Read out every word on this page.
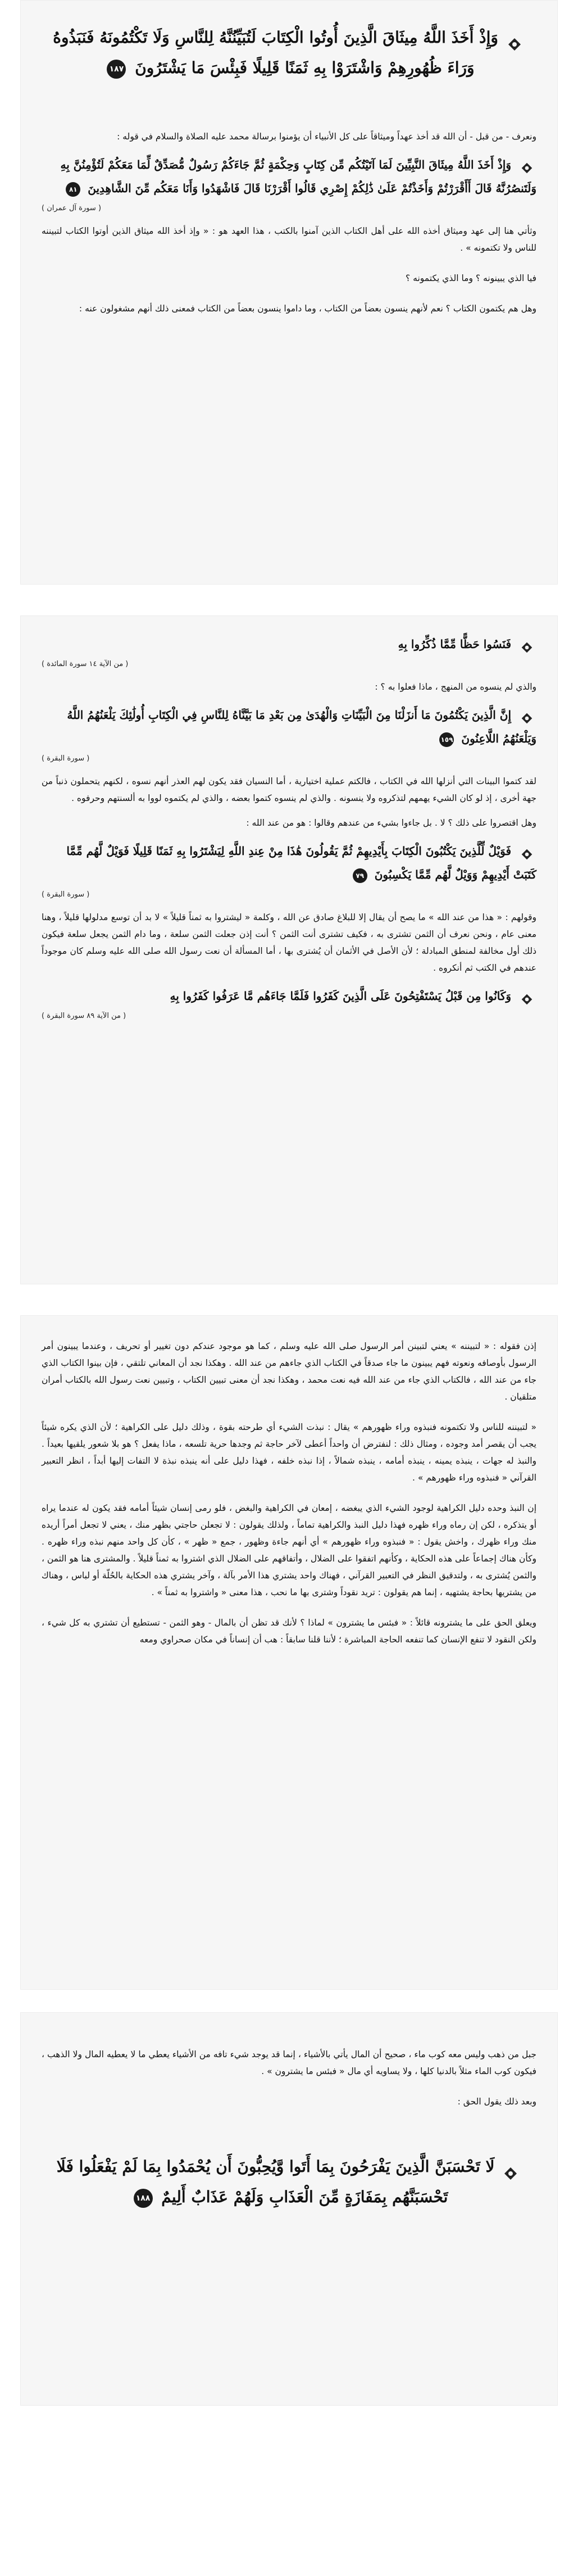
وَإِذْ أَخَذَ اللَّهُ مِيثَاقَ الَّذِينَ أُوتُوا الْكِتَابَ لَتُبَيِّنُنَّهُ لِلنَّاسِ وَلَا تَكْتُمُونَهُ فَنَبَذُوهُ وَرَاءَ ظُهُورِهِمْ وَاشْتَرَوْا بِهِ ثَمَنًا قَلِيلًا فَبِئْسَ مَا يَشْتَرُونَ ١٨٧

ونعرف - من قبل - أن الله قد أخذ عهداً وميثاقاً على كل الأنبياء أن يؤمنوا برسالة محمد عليه الصلاة والسلام في قوله :

وَإِذْ أَخَذَ اللَّهُ مِيثَاقَ النَّبِيِّينَ لَمَا آتَيْتُكُم مِّن كِتَابٍ وَحِكْمَةٍ ثُمَّ جَاءَكُمْ رَسُولٌ مُّصَدِّقٌ لِّمَا مَعَكُمْ لَتُؤْمِنُنَّ بِهِ وَلَتَنصُرُنَّهُ قَالَ أَأَقْرَرْتُمْ وَأَخَذْتُمْ عَلَىٰ ذَٰلِكُمْ إِصْرِي قَالُوا أَقْرَرْنَا قَالَ فَاشْهَدُوا وَأَنَا مَعَكُم مِّنَ الشَّاهِدِينَ ٨١
( سورة آل عمران )

وثأتي هنا إلى عهد وميثاق أخذه الله على أهل الكتاب الذين آمنوا بالكتب ، هذا العهد هو : « وإذ أخذ الله ميثاق الذين أوتوا الكتاب لتبيننه للناس ولا تكتمونه » .

فيا الذي يبينونه ؟ وما الذي يكتمونه ؟

وهل هم يكتمون الكتاب ؟ نعم لأنهم ينسون بعضاً من الكتاب ، وما داموا ينسون بعضاً من الكتاب فمعنى ذلك أنهم مشغولون عنه :

فَنَسُوا حَظًّا مِّمَّا ذُكِّرُوا بِهِ
( من الآية ١٤ سورة المائدة )

والذي لم ينسوه من المنهج ، ماذا فعلوا به ؟ :

إِنَّ الَّذِينَ يَكْتُمُونَ مَا أَنزَلْنَا مِنَ الْبَيِّنَاتِ وَالْهُدَىٰ مِن بَعْدِ مَا بَيَّنَّاهُ لِلنَّاسِ فِي الْكِتَابِ أُولَٰئِكَ يَلْعَنُهُمُ اللَّهُ وَيَلْعَنُهُمُ اللَّاعِنُونَ ١٥٩
( سورة البقرة )

لقد كتموا البينات التي أنزلها الله في الكتاب ، فالكتم عملية اختيارية ، أما النسيان فقد يكون لهم العذر أنهم نسوه ، لكنهم يتحملون ذنباً من جهة أخرى ، إذ لو كان الشيء يهمهم لتذكروه ولا ينسونه . والذي لم ينسوه كتموا بعضه ، والذي لم يكتموه لووا به ألسنتهم وحرفوه .

وهل اقتصروا على ذلك ؟ لا . بل جاءوا بشيء من عندهم وقالوا : هو من عند الله :

فَوَيْلٌ لِّلَّذِينَ يَكْتُبُونَ الْكِتَابَ بِأَيْدِيهِمْ ثُمَّ يَقُولُونَ هَٰذَا مِنْ عِندِ اللَّهِ لِيَشْتَرُوا بِهِ ثَمَنًا قَلِيلًا فَوَيْلٌ لَّهُم مِّمَّا كَتَبَتْ أَيْدِيهِمْ وَوَيْلٌ لَّهُم مِّمَّا يَكْسِبُونَ ٧٩
( سورة البقرة )

وقولهم : « هذا من عند الله » ما يصح أن يقال إلا للبلاغ صادق عن الله ، وكلمة « ليشتروا به ثمناً قليلاً » لا بد أن توسع مدلولها قليلاً ، وهنا معنى عام ، ونحن نعرف أن الثمن تشترى به ، فكيف تشترى أنت الثمن ؟ أنت إذن جعلت الثمن سلعة ، وما دام الثمن يجعل سلعة فيكون ذلك أول مخالفة لمنطق المبادلة ؛ لأن الأصل في الأثمان أن يُشترى بها ، أما المسألة أن نعت رسول الله صلى الله عليه وسلم كان موجوداً عندهم في الكتب ثم أنكروه .

وَكَانُوا مِن قَبْلُ يَسْتَفْتِحُونَ عَلَى الَّذِينَ كَفَرُوا فَلَمَّا جَاءَهُم مَّا عَرَفُوا كَفَرُوا بِهِ
( من الآية ٨٩ سورة البقرة )

إذن فقوله : « لتبيننه » يعني لتبينن أمر الرسول صلى الله عليه وسلم ، كما هو موجود عندكم دون تغيير أو تحريف ، وعندما يبينون أمر الرسول بأوصافه ونعوته فهم يبينون ما جاء صدقاً في الكتاب الذي جاءهم من عند الله . وهكذا نجد أن المعاني تلتقي ، فإن بينوا الكتاب الذي جاء من عند الله ، فالكتاب الذي جاء من عند الله فيه نعت محمد ، وهكذا نجد أن معنى تبيين الكتاب ، وتبيين نعت رسول الله بالكتاب أمران متلقيان .

« لتبيننه للناس ولا تكتمونه فنبذوه وراء ظهورهم » يقال : نبذت الشيء أي طرحته بقوة ، وذلك دليل على الكراهية ؛ لأن الذي يكره شيئاً يجب أن يقصر أمد وجوده ، ومثال ذلك : لنفترض أن واحداً أعطى لآخر حاجة ثم وجدها حرية تلسعه ، ماذا يفعل ؟ هو بلا شعور يلقيها بعيداً . والنبذ له جهات ، ينبذه يمينه ، ينبذه أمامه ، ينبذه شمالاً ، إذا نبذه خلفه ، فهذا دليل على أنه ينبذه نبذة لا التفات إليها أبداً ، انظر التعبير القرآني « فنبذوه وراء ظهورهم » .

إن النبذ وحده دليل الكراهية لوجود الشيء الذي يبغضه ، إمعان في الكراهية والبغض ، فلو رمى إنسان شيئاً أمامه فقد يكون له عندما يراه أو يتذكره ، لكن إن رماه وراء ظهره فهذا دليل النبذ والكراهية تماماً ، ولذلك يقولون : لا تجعلن حاجتي بظهر منك ، يعني لا تجعل أمراً أريده منك وراء ظهرك ، واخش يقول : « فنبذوه وراء ظهورهم » أي أنهم جاءة وظهور ، جمع « ظهر » ، كأن كل واحد منهم نبذه وراء ظهره . وكأن هناك إجماعاً على هذه الحكاية ، وكأنهم اتفقوا على الضلال ، وأتفاقهم على الضلال الذي اشتروا به ثمناً قليلاً . والمشترى هنا هو الثمن ، والثمن يُشترى به ، ولتدقيق النظر في التعبير القرآني ، فهناك واحد يشتري هذا الأمر بآلة ، وآخر يشتري هذه الحكاية بالحُلّة أو لباس ، وهناك من يشتريها بحاجة يشتهيه ، إنما هم يقولون : تريد نقوداً وشترى بها ما نحب ، هذا معنى « واشتروا به ثمناً » .

ويعلق الحق على ما يشترونه قائلاً : « فبئس ما يشترون » لماذا ؟ لأنك قد تظن أن بالمال - وهو الثمن - تستطيع أن تشتري به كل شيء ، ولكن النقود لا تنفع الإنسان كما تنفعه الحاجة المباشرة ؛ لأننا قلنا سابقاً : هب أن إنساناً في مكان صحراوي ومعه

جبل من ذهب وليس معه كوب ماء ، صحيح أن المال يأتي بالأشياء ، إنما قد يوجد شيء تافه من الأشياء يعطي ما لا يعطيه المال ولا الذهب ، فيكون كوب الماء مثلاً بالدنيا كلها ، ولا يساويه أي مال « فبئس ما يشترون » .

وبعد ذلك يقول الحق :

لَا تَحْسَبَنَّ الَّذِينَ يَفْرَحُونَ بِمَا أَتَوا وَّيُحِبُّونَ أَن يُحْمَدُوا بِمَا لَمْ يَفْعَلُوا فَلَا تَحْسَبَنَّهُم بِمَفَازَةٍ مِّنَ الْعَذَابِ وَلَهُمْ عَذَابٌ أَلِيمٌ ١٨٨
